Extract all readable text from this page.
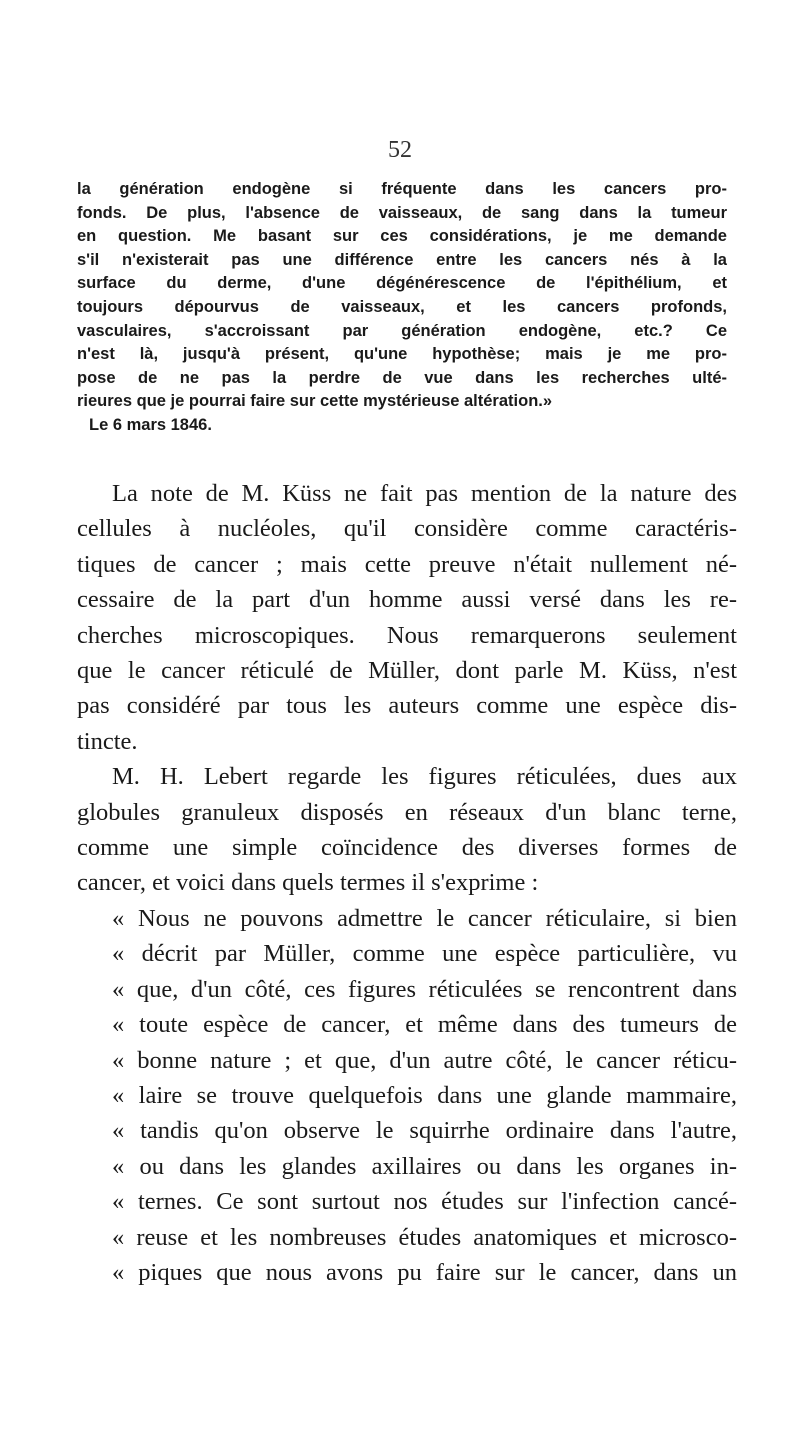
52
la génération endogène si fréquente dans les cancers pro-
fonds. De plus, l'absence de vaisseaux, de sang dans la tumeur
en question. Me basant sur ces considérations, je me demande
s'il n'existerait pas une différence entre les cancers nés à la
surface du derme, d'une dégénérescence de l'épithélium, et
toujours dépourvus de vaisseaux, et les cancers profonds,
vasculaires, s'accroissant par génération endogène, etc.? Ce
n'est là, jusqu'à présent, qu'une hypothèse; mais je me pro-
pose de ne pas la perdre de vue dans les recherches ulté-
rieures que je pourrai faire sur cette mystérieuse altération.»
Le 6 mars 1846.
La note de M. Küss ne fait pas mention de la nature des
cellules à nucléoles, qu'il considère comme caractéris-
tiques de cancer ; mais cette preuve n'était nullement né-
cessaire de la part d'un homme aussi versé dans les re-
cherches microscopiques. Nous remarquerons seulement
que le cancer réticulé de Müller, dont parle M. Küss, n'est
pas considéré par tous les auteurs comme une espèce dis-
tincte.
M. H. Lebert regarde les figures réticulées, dues aux
globules granuleux disposés en réseaux d'un blanc terne,
comme une simple coïncidence des diverses formes de
cancer, et voici dans quels termes il s'exprime :
« Nous ne pouvons admettre le cancer réticulaire, si bien
« décrit par Müller, comme une espèce particulière, vu
« que, d'un côté, ces figures réticulées se rencontrent dans
« toute espèce de cancer, et même dans des tumeurs de
« bonne nature ; et que, d'un autre côté, le cancer réticu-
« laire se trouve quelquefois dans une glande mammaire,
« tandis qu'on observe le squirrhe ordinaire dans l'autre,
« ou dans les glandes axillaires ou dans les organes in-
« ternes. Ce sont surtout nos études sur l'infection cancé-
« reuse et les nombreuses études anatomiques et microsco-
« piques que nous avons pu faire sur le cancer, dans un
